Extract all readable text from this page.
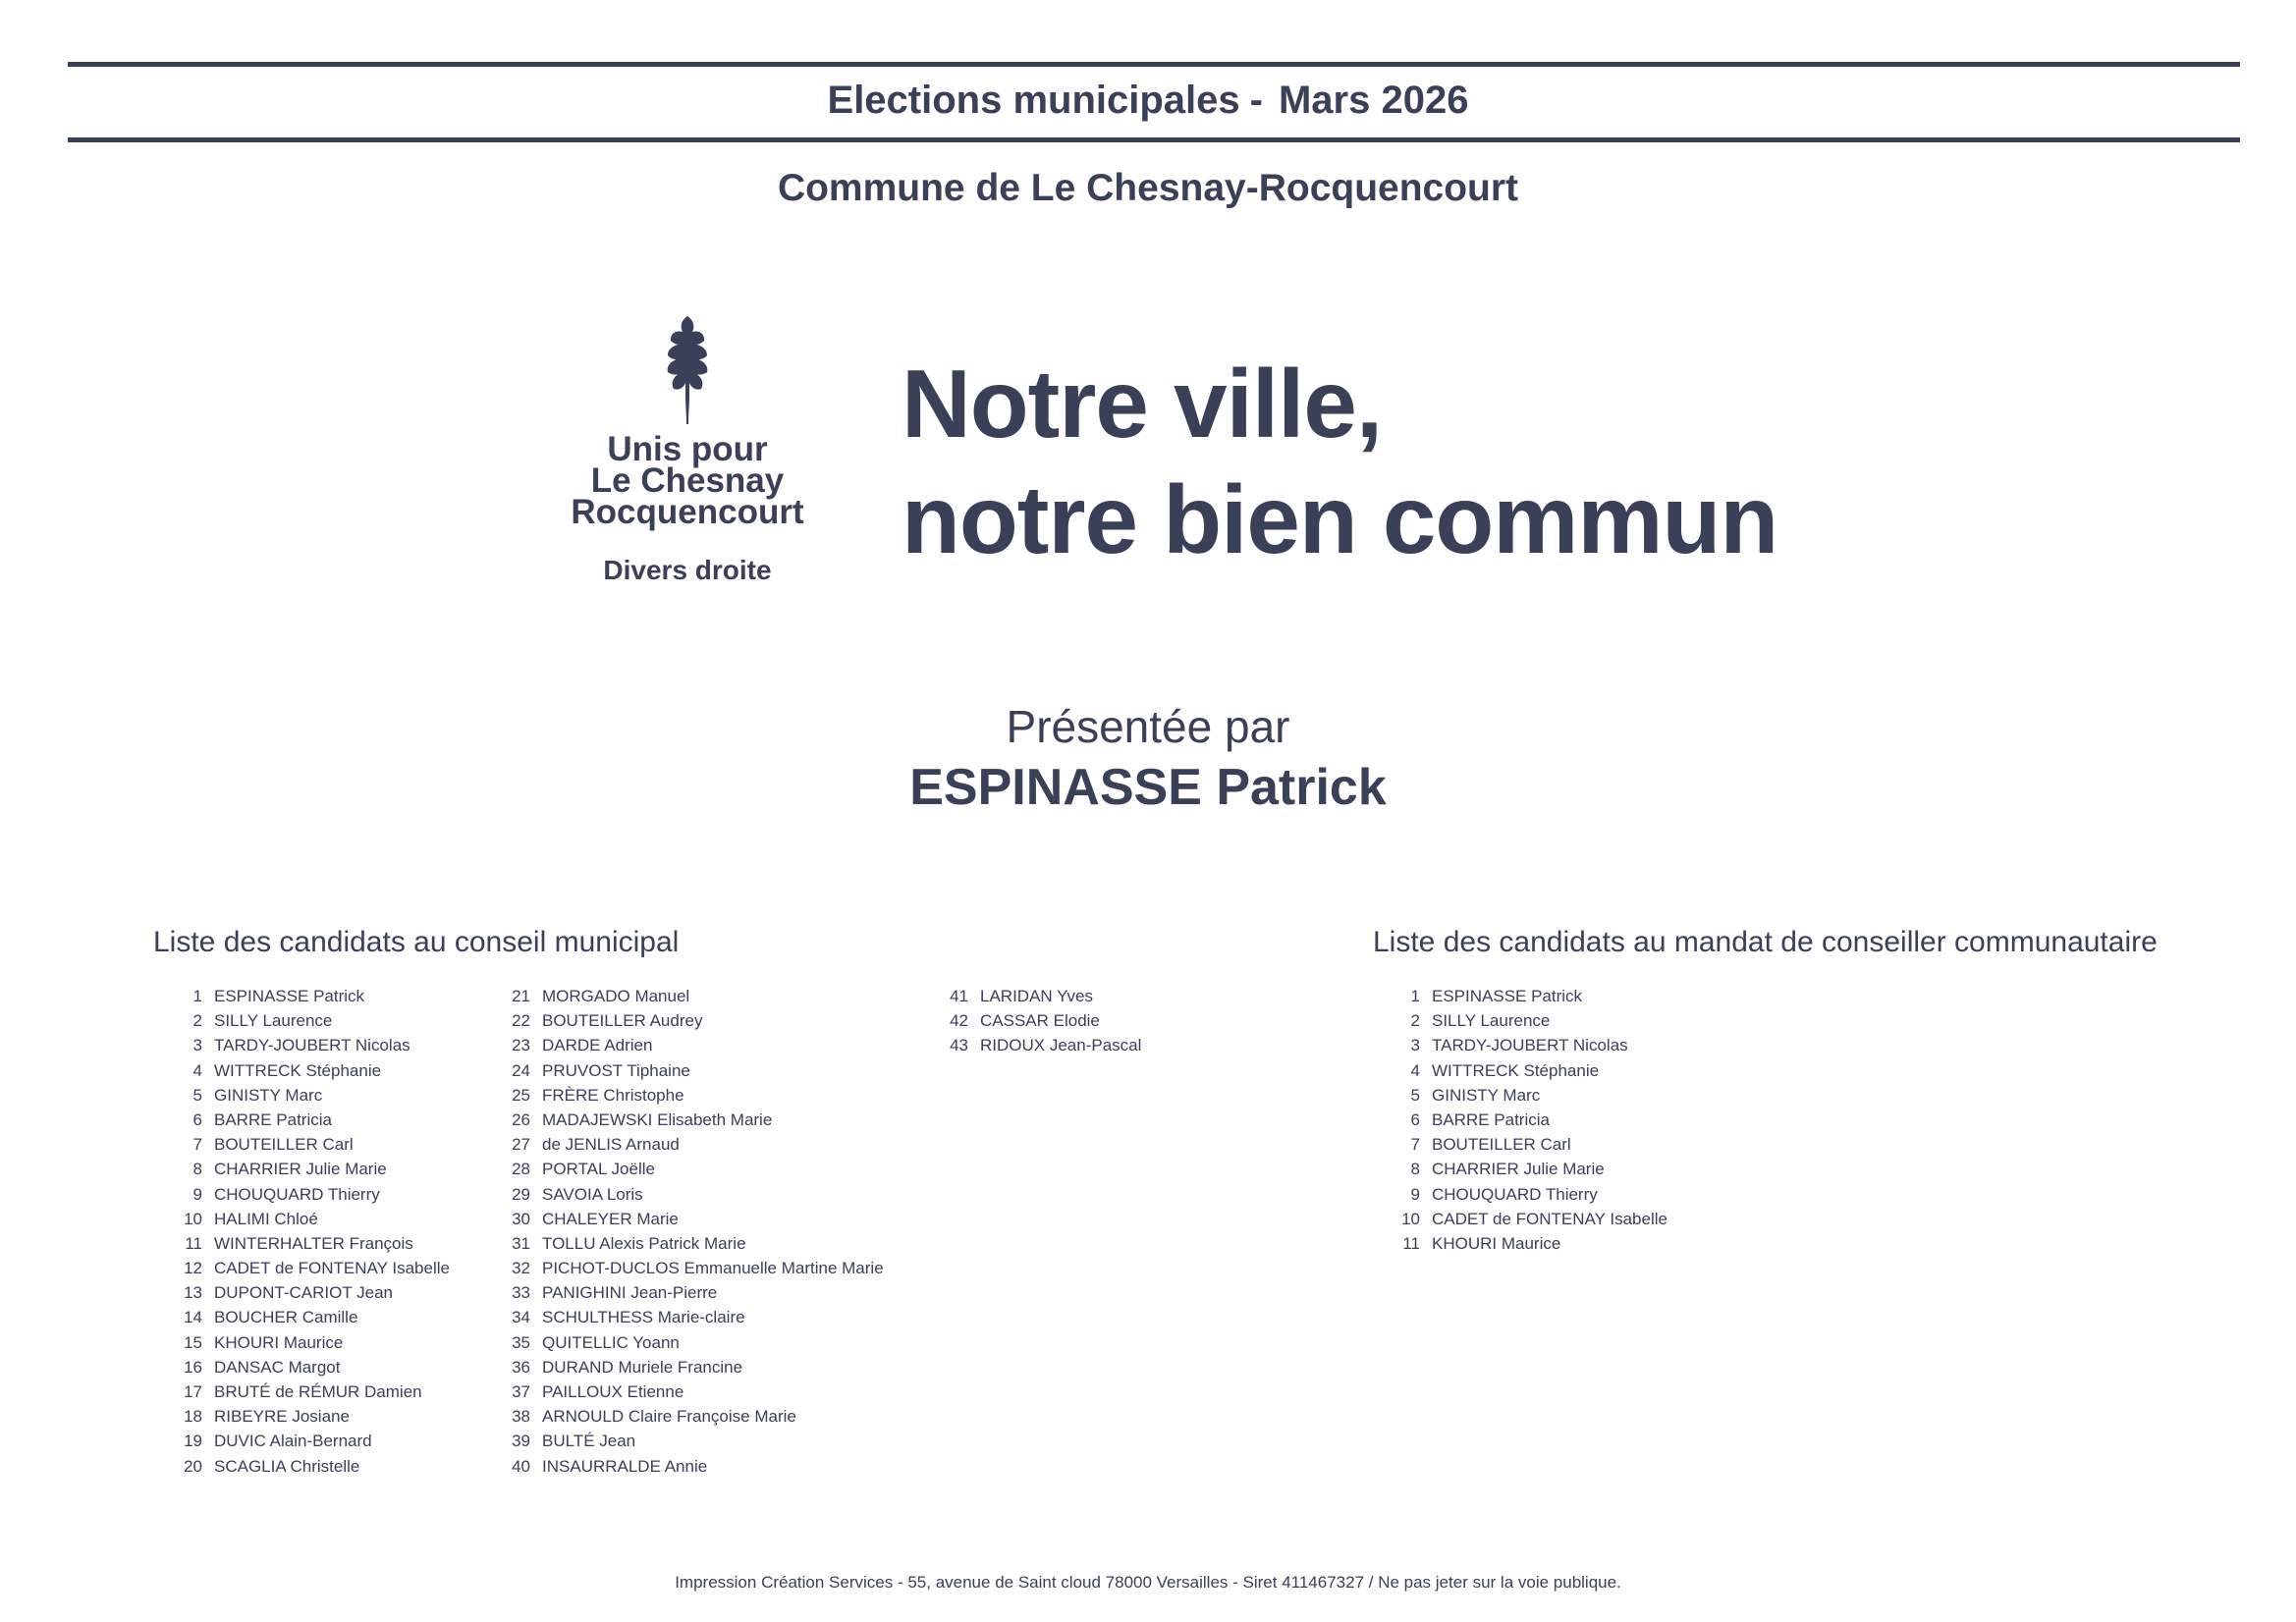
Elections municipales - Mars 2026
Commune de Le Chesnay-Rocquencourt
Unis pour
Le Chesnay
Rocquencourt
Divers droite
Notre ville,
notre bien commun
Présentée par
ESPINASSE Patrick
Liste des candidats au conseil municipal	Liste des candidats au mandat de conseiller communautaire
1 ESPINASSE Patrick
2 SILLY Laurence
3 TARDY-JOUBERT Nicolas
4 WITTRECK Stéphanie
5 GINISTY Marc
6 BARRE Patricia
7 BOUTEILLER Carl
8 CHARRIER Julie Marie
9 CHOUQUARD Thierry
10 HALIMI Chloé
11 WINTERHALTER François
12 CADET de FONTENAY Isabelle
13 DUPONT-CARIOT Jean
14 BOUCHER Camille
15 KHOURI Maurice
16 DANSAC Margot
17 BRUTÉ de RÉMUR Damien
18 RIBEYRE Josiane
19 DUVIC Alain-Bernard
20 SCAGLIA Christelle
21 MORGADO Manuel
22 BOUTEILLER Audrey
23 DARDE Adrien
24 PRUVOST Tiphaine
25 FRÈRE Christophe
26 MADAJEWSKI Elisabeth Marie
27 de JENLIS Arnaud
28 PORTAL Joëlle
29 SAVOIA Loris
30 CHALEYER Marie
31 TOLLU Alexis Patrick Marie
32 PICHOT-DUCLOS Emmanuelle Martine Marie
33 PANIGHINI Jean-Pierre
34 SCHULTHESS Marie-claire
35 QUITELLIC Yoann
36 DURAND Muriele Francine
37 PAILLOUX Etienne
38 ARNOULD Claire Françoise Marie
39 BULTÉ Jean
40 INSAURRALDE Annie
41 LARIDAN Yves
42 CASSAR Elodie
43 RIDOUX Jean-Pascal
1 ESPINASSE Patrick
2 SILLY Laurence
3 TARDY-JOUBERT Nicolas
4 WITTRECK Stéphanie
5 GINISTY Marc
6 BARRE Patricia
7 BOUTEILLER Carl
8 CHARRIER Julie Marie
9 CHOUQUARD Thierry
10 CADET de FONTENAY Isabelle
11 KHOURI Maurice
Impression Création Services - 55, avenue de Saint cloud 78000 Versailles - Siret 411467327 / Ne pas jeter sur la voie publique.
